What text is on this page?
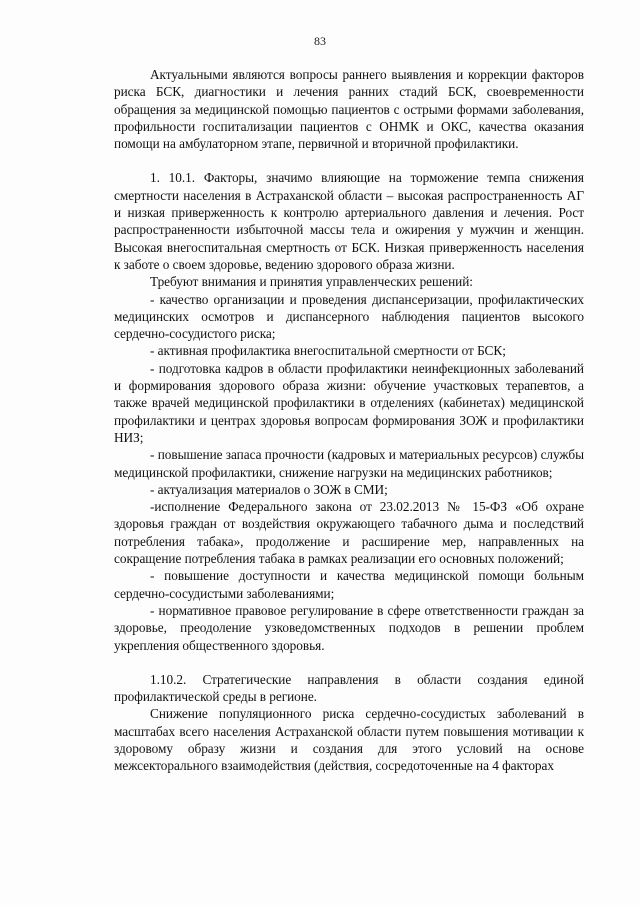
83

Актуальными являются вопросы раннего выявления и коррекции факторов риска БСК, диагностики и лечения ранних стадий БСК, своевременности обращения за медицинской помощью пациентов с острыми формами заболевания, профильности госпитализации пациентов с ОНМК и ОКС, качества оказания помощи на амбулаторном этапе, первичной и вторичной профилактики.

1. 10.1. Факторы, значимо влияющие на торможение темпа снижения смертности населения в Астраханской области – высокая распространенность АГ и низкая приверженность к контролю артериального давления и лечения. Рост распространенности избыточной массы тела и ожирения у мужчин и женщин. Высокая внегоспитальная смертность от БСК. Низкая приверженность населения к заботе о своем здоровье, ведению здорового образа жизни.

Требуют внимания и принятия управленческих решений:

- качество организации и проведения диспансеризации, профилактических медицинских осмотров и диспансерного наблюдения пациентов высокого сердечно-сосудистого риска;

- активная профилактика внегоспитальной смертности от БСК;

- подготовка кадров в области профилактики неинфекционных заболеваний и формирования здорового образа жизни: обучение участковых терапевтов, а также врачей медицинской профилактики в отделениях (кабинетах) медицинской профилактики и центрах здоровья вопросам формирования ЗОЖ и профилактики НИЗ;

- повышение запаса прочности (кадровых и материальных ресурсов) службы медицинской профилактики, снижение нагрузки на медицинских работников;

- актуализация материалов о ЗОЖ в СМИ;

-исполнение Федерального закона от 23.02.2013 № 15-ФЗ «Об охране здоровья граждан от воздействия окружающего табачного дыма и последствий потребления табака», продолжение и расширение мер, направленных на сокращение потребления табака в рамках реализации его основных положений;

- повышение доступности и качества медицинской помощи больным сердечно-сосудистыми заболеваниями;

- нормативное правовое регулирование в сфере ответственности граждан за здоровье, преодоление узковедомственных подходов в решении проблем укрепления общественного здоровья.

1.10.2. Стратегические направления в области создания единой профилактической среды в регионе.

Снижение популяционного риска сердечно-сосудистых заболеваний в масштабах всего населения Астраханской области путем повышения мотивации к здоровому образу жизни и создания для этого условий на основе межсекторального взаимодействия (действия, сосредоточенные на 4 факторах
